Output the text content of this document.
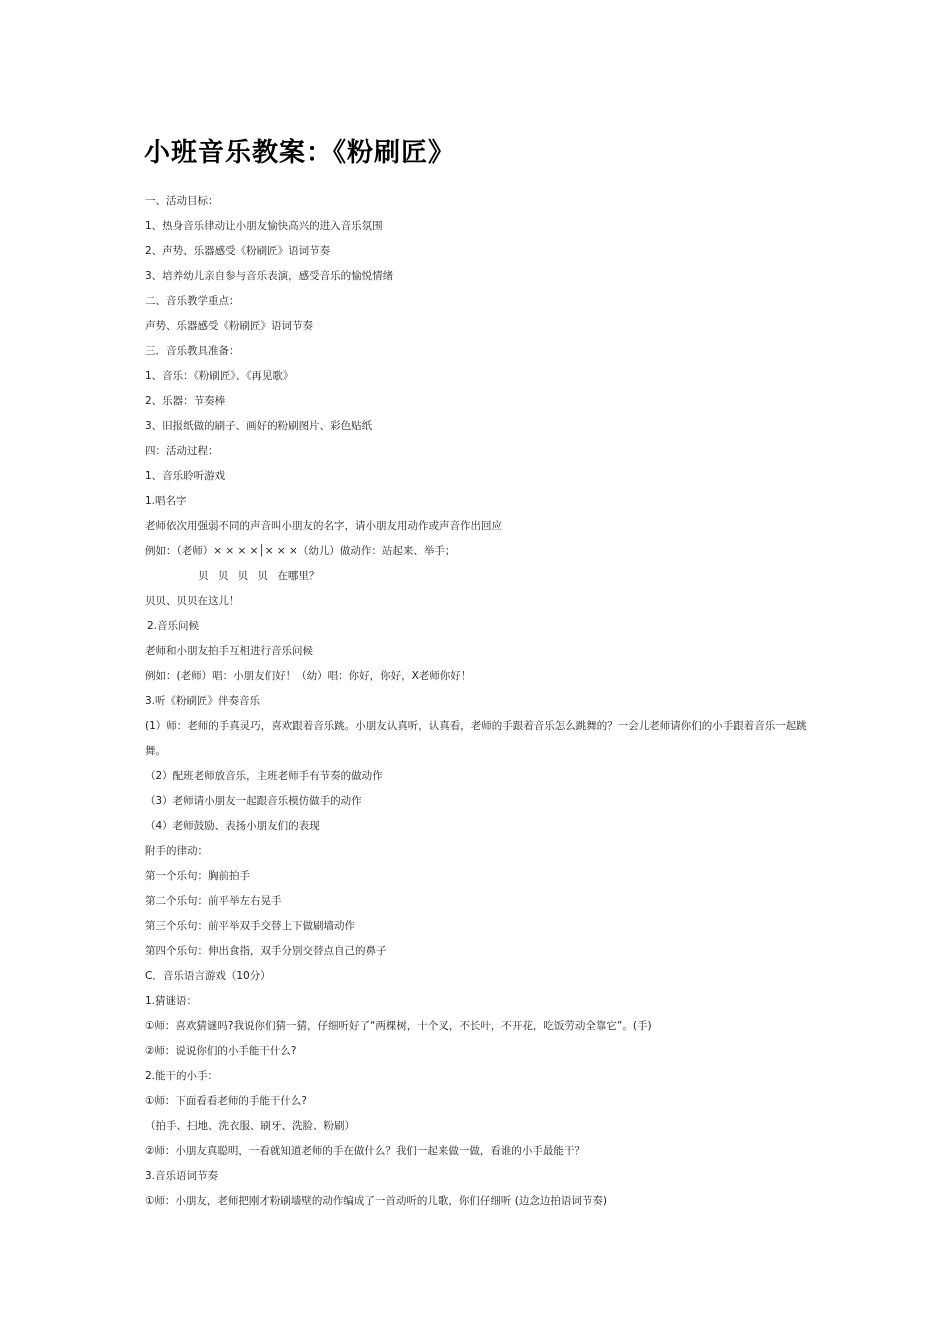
小班音乐教案：《粉刷匠》
一、活动目标：
1、热身音乐律动让小朋友愉快高兴的进入音乐氛围
2、声势、乐器感受《粉刷匠》语词节奏
3、培养幼儿亲自参与音乐表演，感受音乐的愉悦情绪
二、音乐教学重点：
声势、乐器感受《粉刷匠》语词节奏
三．音乐教具准备：
1、音乐：《粉刷匠》、《再见歌》
2、乐器：节奏棒
3、旧报纸做的刷子、画好的粉刷图片、彩色贴纸
四：活动过程：
1、音乐聆听游戏
1.唱名字
老师依次用强弱不同的声音叫小朋友的名字，请小朋友用动作或声音作出回应
例如：（老师）× × × ×│× × ×（幼儿）做动作：站起来、举手；
贝 贝 贝 贝 在哪里？
贝贝、贝贝在这儿！
2.音乐问候
老师和小朋友拍手互相进行音乐问候
例如：(老师）唱：小朋友们好！（幼）唱：你好，你好，X老师你好！
3.听《粉刷匠》伴奏音乐
(1）师：老师的手真灵巧，喜欢跟着音乐跳。小朋友认真听，认真看，老师的手跟着音乐怎么跳舞的？一会儿老师请你们的小手跟着音乐一起跳舞。
（2）配班老师放音乐，主班老师手有节奏的做动作
（3）老师请小朋友一起跟音乐模仿做手的动作
（4）老师鼓励、表扬小朋友们的表现
附手的律动：
第一个乐句：胸前拍手
第二个乐句：前平举左右晃手
第三个乐句：前平举双手交替上下做刷墙动作
第四个乐句：伸出食指，双手分别交替点自己的鼻子
C．音乐语言游戏（10分）
1.猜谜语：
①师：喜欢猜谜吗?我说你们猜一猜，仔细听好了“两棵树，十个叉，不长叶，不开花，吃饭劳动全靠它”。(手)
②师：说说你们的小手能干什么?
2.能干的小手：
①师：下面看看老师的手能干什么?
（拍手、扫地、洗衣服、刷牙、洗脸、粉刷）
②师：小朋友真聪明，一看就知道老师的手在做什么？我们一起来做一做，看谁的小手最能干？
3.音乐语词节奏
①师：小朋友，老师把刚才粉刷墙壁的动作编成了一首动听的儿歌，你们仔细听 (边念边拍语词节奏)
